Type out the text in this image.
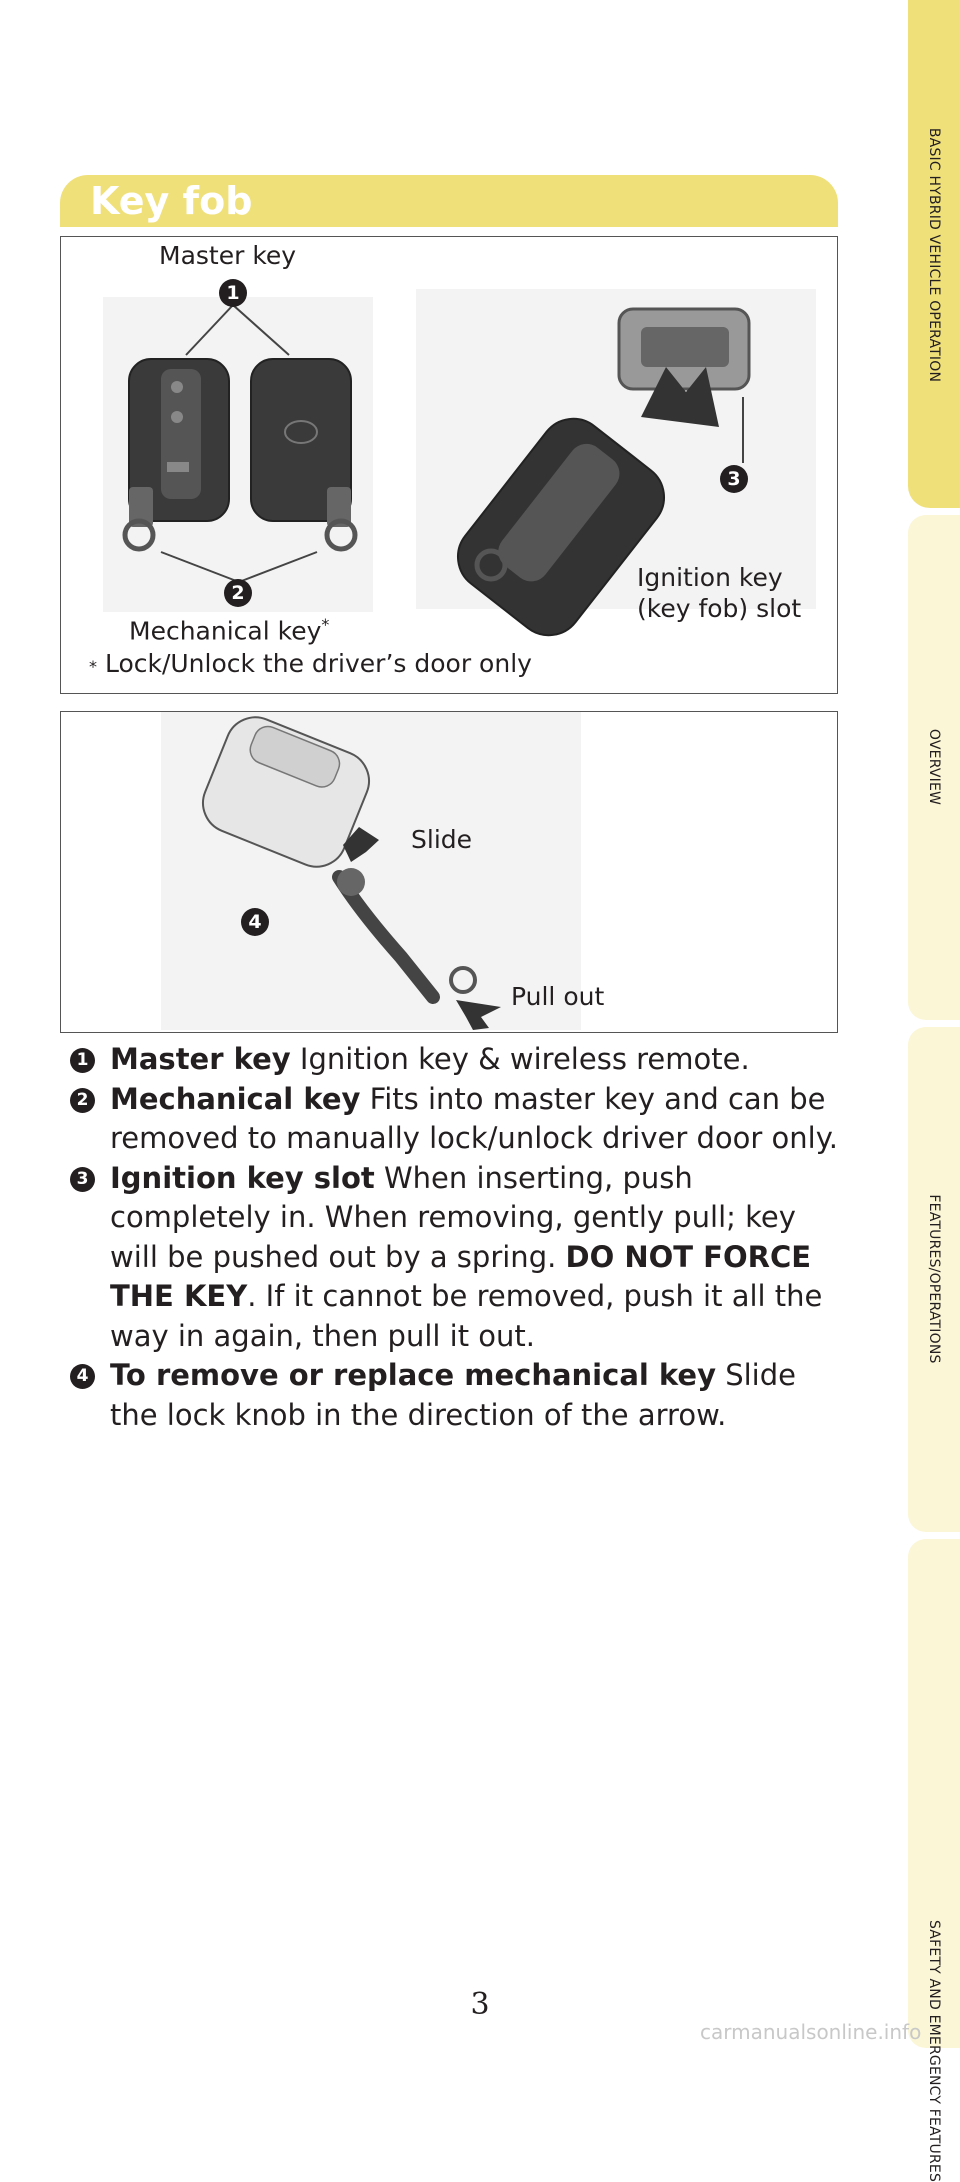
BASIC HYBRID VEHICLE OPERATION
OVERVIEW
FEATURES/OPERATIONS
SAFETY AND EMERGENCY FEATURES
Key fob
Master key
1
2
3
Ignition key
(key fob) slot
Mechanical key*
* Lock/Unlock the driver’s door only
Slide
Pull out
4
1 Master key Ignition key & wireless remote.
2 Mechanical key Fits into master key and can be removed to manually lock/unlock driver door only.
3 Ignition key slot When inserting, push completely in. When removing, gently pull; key will be pushed out by a spring. DO NOT FORCE THE KEY. If it cannot be removed, push it all the way in again, then pull it out.
4 To remove or replace mechanical key Slide the lock knob in the direction of the arrow.
3
carmanualsonline.info
